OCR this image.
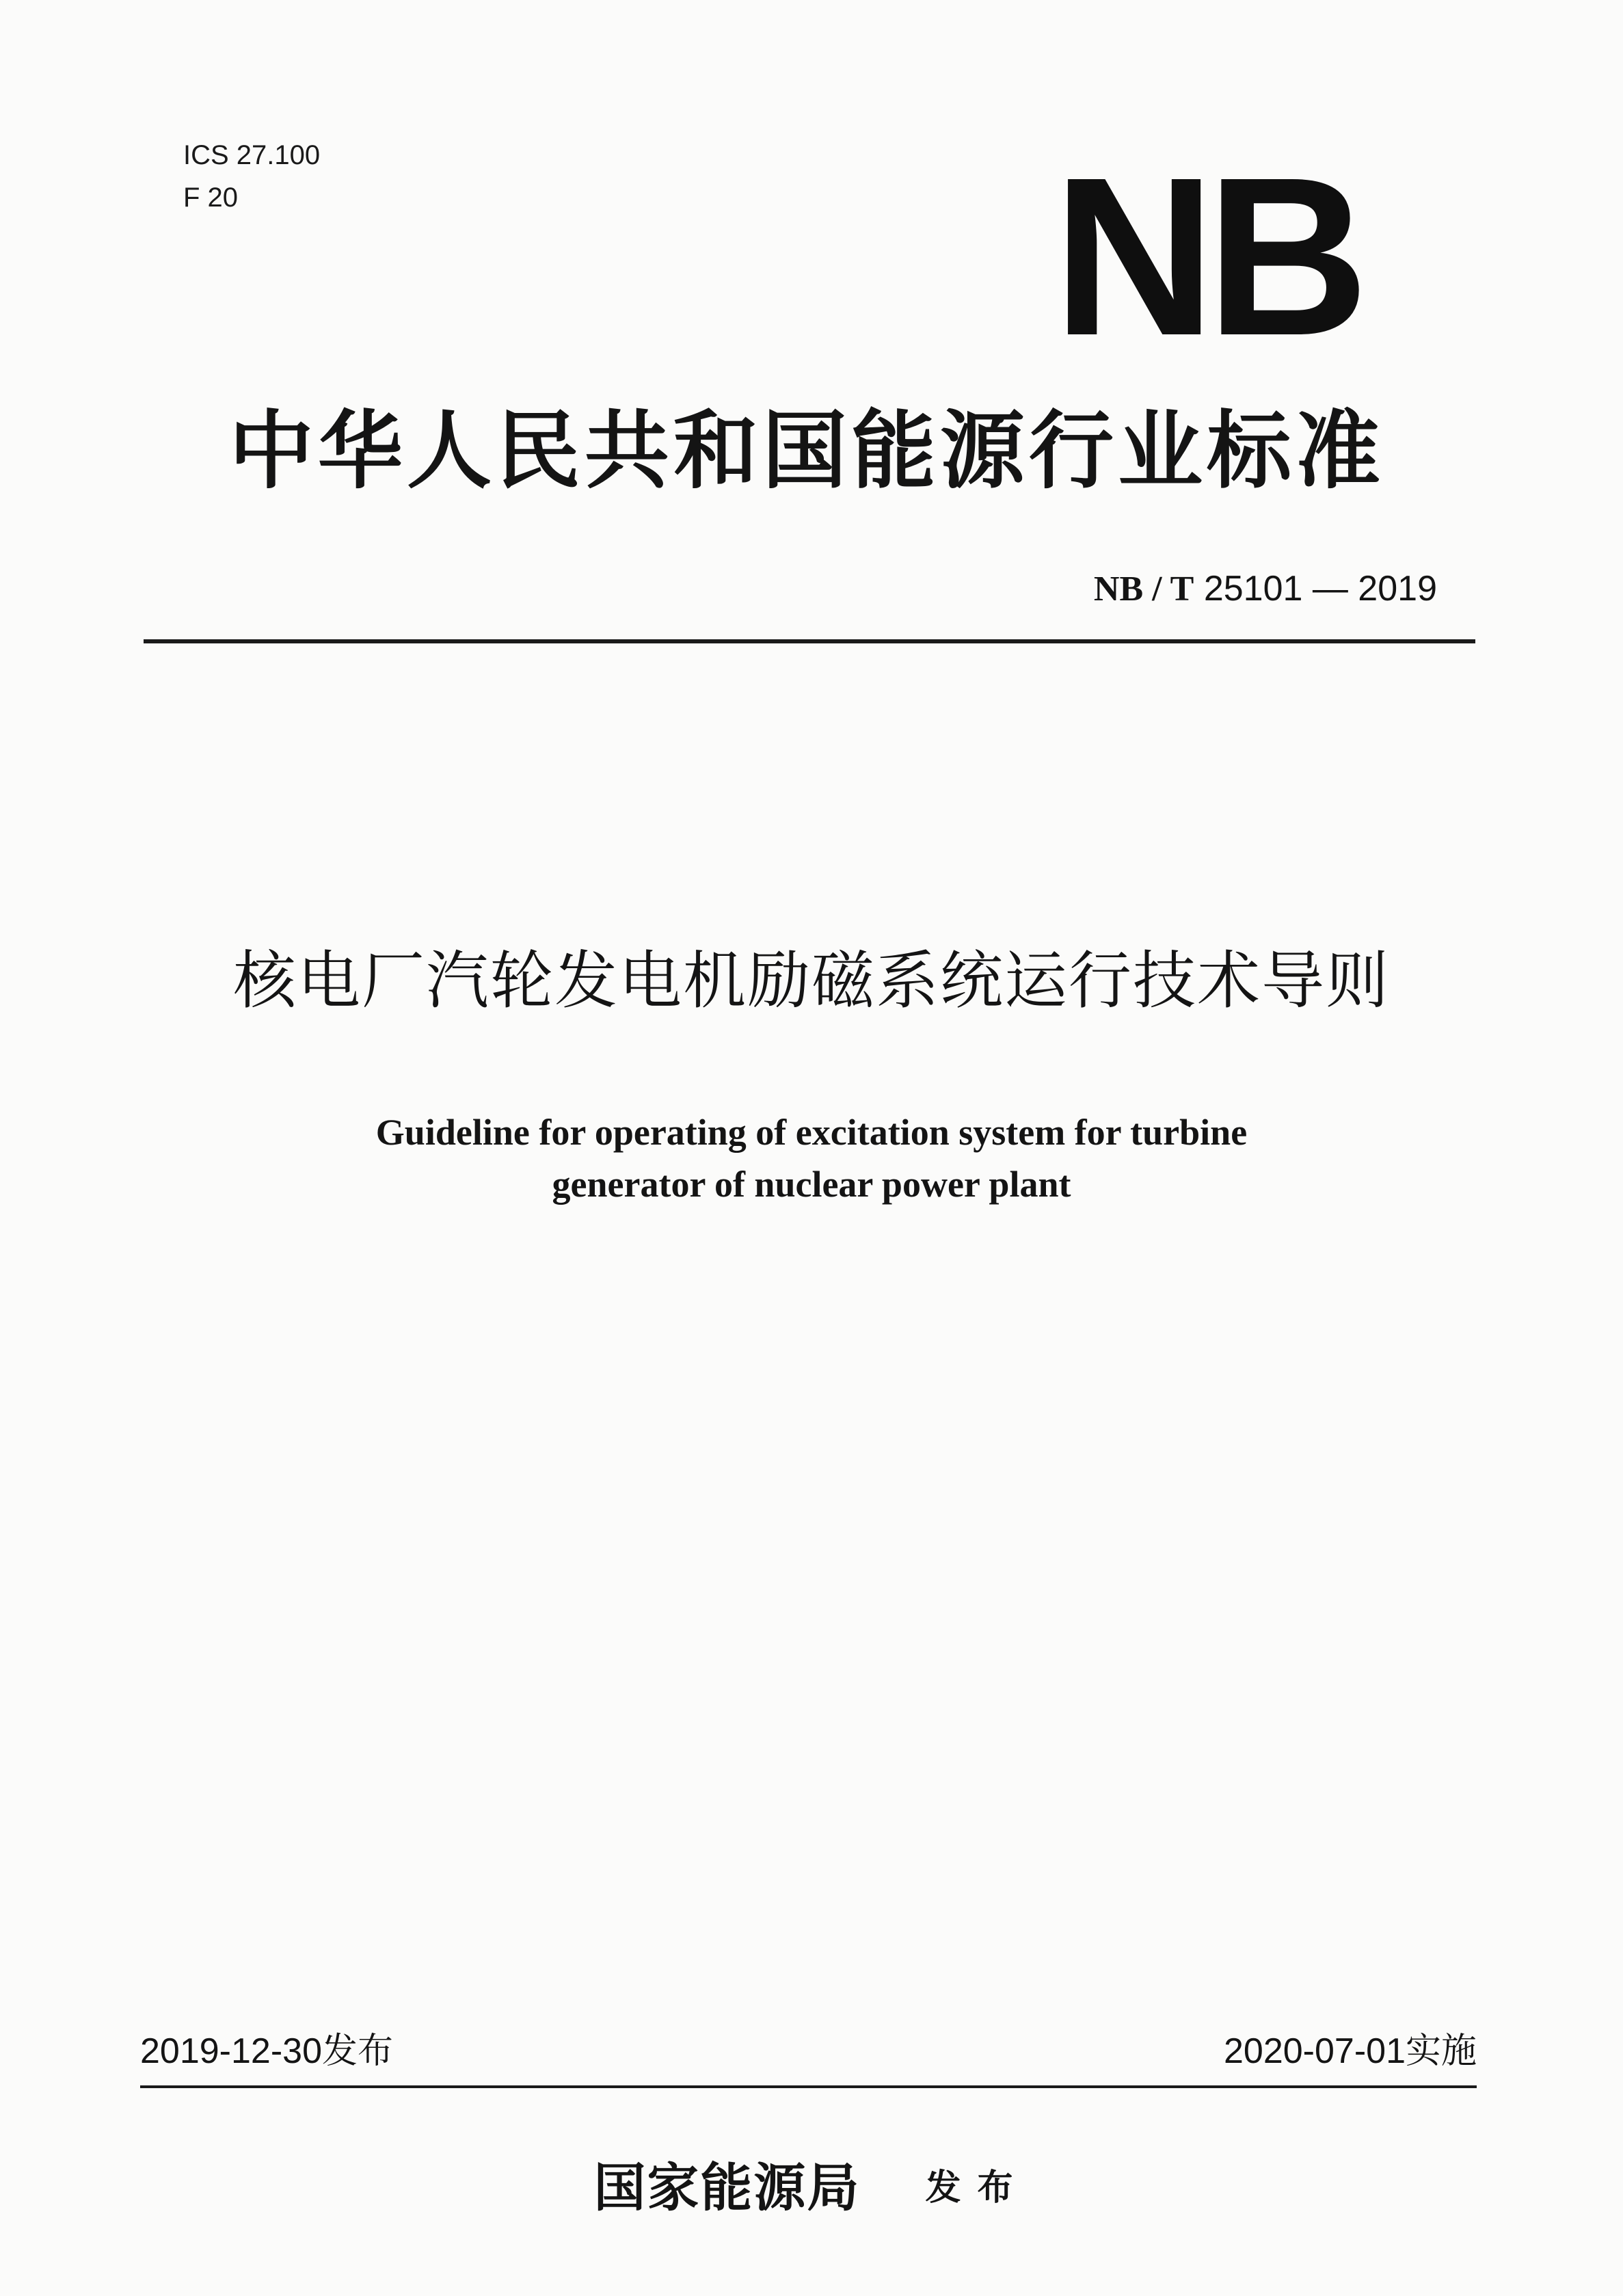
ICS 27.100
F 20	NB
中华人民共和国能源行业标准
NB / T 25101 — 2019
核电厂汽轮发电机励磁系统运行技术导则
Guideline for operating of excitation system for turbine
generator of nuclear power plant
2019-12-30发布	2020-07-01实施
国家能源局 发布
